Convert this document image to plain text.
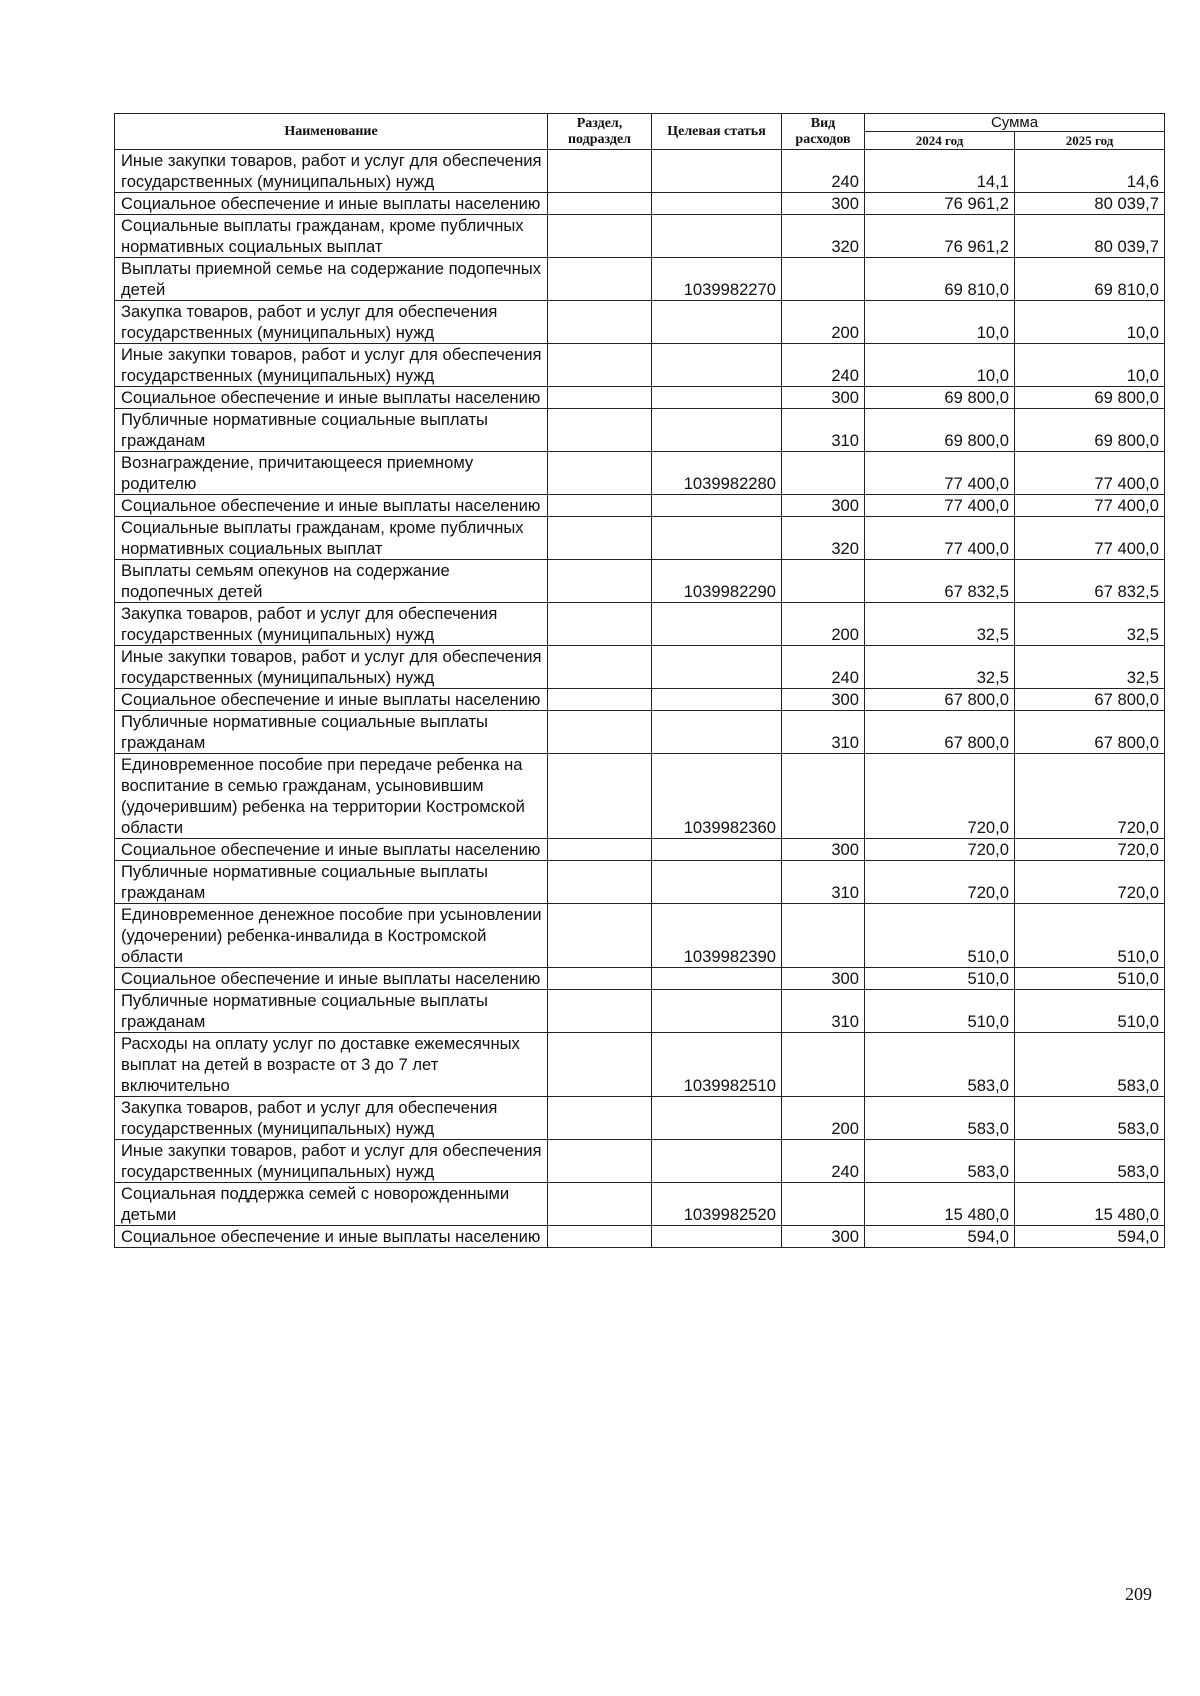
Наименование	Раздел, подраздел	Целевая статья	Вид расходов	Сумма	
				2024 год	2025 год
Иные закупки товаров, работ и услуг для обеспечения государственных (муниципальных) нужд			240	14,1	14,6
Социальное обеспечение и иные выплаты населению			300	76 961,2	80 039,7
Социальные выплаты гражданам, кроме публичных нормативных социальных выплат			320	76 961,2	80 039,7
Выплаты приемной семье на содержание подопечных детей		1039982270		69 810,0	69 810,0
Закупка товаров, работ и услуг для обеспечения государственных (муниципальных) нужд			200	10,0	10,0
Иные закупки товаров, работ и услуг для обеспечения государственных (муниципальных) нужд			240	10,0	10,0
Социальное обеспечение и иные выплаты населению			300	69 800,0	69 800,0
Публичные нормативные социальные выплаты гражданам			310	69 800,0	69 800,0
Вознаграждение, причитающееся приемному родителю		1039982280		77 400,0	77 400,0
Социальное обеспечение и иные выплаты населению			300	77 400,0	77 400,0
Социальные выплаты гражданам, кроме публичных нормативных социальных выплат			320	77 400,0	77 400,0
Выплаты семьям опекунов на содержание подопечных детей		1039982290		67 832,5	67 832,5
Закупка товаров, работ и услуг для обеспечения государственных (муниципальных) нужд			200	32,5	32,5
Иные закупки товаров, работ и услуг для обеспечения государственных (муниципальных) нужд			240	32,5	32,5
Социальное обеспечение и иные выплаты населению			300	67 800,0	67 800,0
Публичные нормативные социальные выплаты гражданам			310	67 800,0	67 800,0
Единовременное пособие при передаче ребенка на воспитание в семью гражданам, усыновившим (удочерившим) ребенка на территории Костромской области		1039982360		720,0	720,0
Социальное обеспечение и иные выплаты населению			300	720,0	720,0
Публичные нормативные социальные выплаты гражданам			310	720,0	720,0
Единовременное денежное пособие при усыновлении (удочерении) ребенка-инвалида в Костромской области		1039982390		510,0	510,0
Социальное обеспечение и иные выплаты населению			300	510,0	510,0
Публичные нормативные социальные выплаты гражданам			310	510,0	510,0
Расходы на оплату услуг по доставке ежемесячных выплат на детей в возрасте от 3 до 7 лет включительно		1039982510		583,0	583,0
Закупка товаров, работ и услуг для обеспечения государственных (муниципальных) нужд			200	583,0	583,0
Иные закупки товаров, работ и услуг для обеспечения государственных (муниципальных) нужд			240	583,0	583,0
Социальная поддержка семей с новорожденными детьми		1039982520		15 480,0	15 480,0
Социальное обеспечение и иные выплаты населению			300	594,0	594,0
209
